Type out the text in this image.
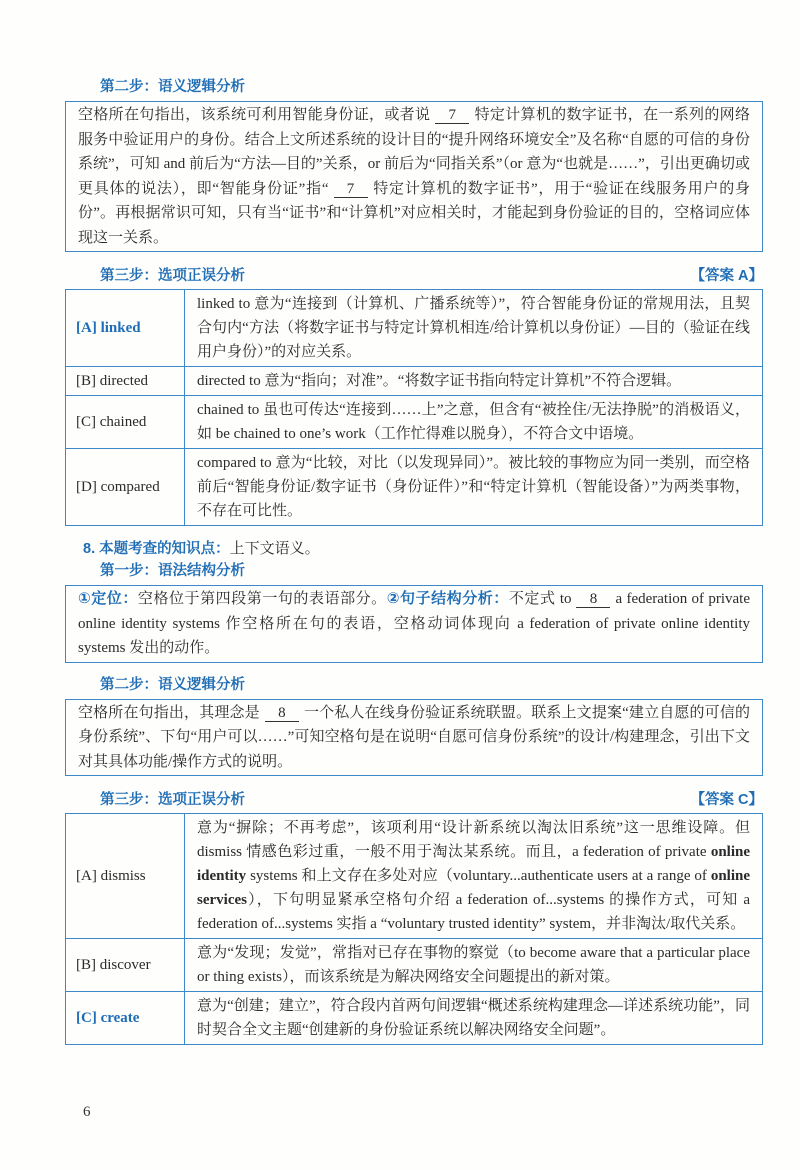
第二步：语义逻辑分析
空格所在句指出，该系统可利用智能身份证，或者说 7 特定计算机的数字证书，在一系列的网络服务中验证用户的身份。结合上文所述系统的设计目的“提升网络环境安全”及名称“自愿的可信的身份系统”，可知 and 前后为“方法—目的”关系，or 前后为“同指关系”（or 意为“也就是……”，引出更确切或更具体的说法），即“智能身份证”指“ 7 特定计算机的数字证书”，用于“验证在线服务用户的身份”。再根据常识可知，只有当“证书”和“计算机”对应相关时，才能起到身份验证的目的，空格词应体现这一关系。
第三步：选项正误分析	【答案 A】
[A] linked	linked to 意为“连接到（计算机、广播系统等）”，符合智能身份证的常规用法，且契合句内“方法（将数字证书与特定计算机相连/给计算机以身份证）—目的（验证在线用户身份）”的对应关系。
[B] directed	directed to 意为“指向；对准”。“将数字证书指向特定计算机”不符合逻辑。
[C] chained	chained to 虽也可传达“连接到……上”之意，但含有“被拴住/无法挣脱”的消极语义，如 be chained to one’s work（工作忙得难以脱身），不符合文中语境。
[D] compared	compared to 意为“比较，对比（以发现异同）”。被比较的事物应为同一类别，而空格前后“智能身份证/数字证书（身份证件）”和“特定计算机（智能设备）”为两类事物，不存在可比性。
8. 本题考查的知识点：上下文语义。
第一步：语法结构分析
①定位：空格位于第四段第一句的表语部分。②句子结构分析：不定式 to 8 a federation of private online identity systems 作空格所在句的表语，空格动词体现向 a federation of private online identity systems 发出的动作。
第二步：语义逻辑分析
空格所在句指出，其理念是 8 一个私人在线身份验证系统联盟。联系上文提案“建立自愿的可信的身份系统”、下句“用户可以……”可知空格句是在说明“自愿可信身份系统”的设计/构建理念，引出下文对其具体功能/操作方式的说明。
第三步：选项正误分析	【答案 C】
[A] dismiss	意为“摒除；不再考虑”，该项利用“设计新系统以淘汰旧系统”这一思维设障。但 dismiss 情感色彩过重，一般不用于淘汰某系统。而且，a federation of private online identity systems 和上文存在多处对应（voluntary...authenticate users at a range of online services），下句明显紧承空格句介绍 a federation of...systems 的操作方式，可知 a federation of...systems 实指 a “voluntary trusted identity” system，并非淘汰/取代关系。
[B] discover	意为“发现；发觉”，常指对已存在事物的察觉（to become aware that a particular place or thing exists），而该系统是为解决网络安全问题提出的新对策。
[C] create	意为“创建；建立”，符合段内首两句间逻辑“概述系统构建理念—详述系统功能”，同时契合全文主题“创建新的身份验证系统以解决网络安全问题”。
6
